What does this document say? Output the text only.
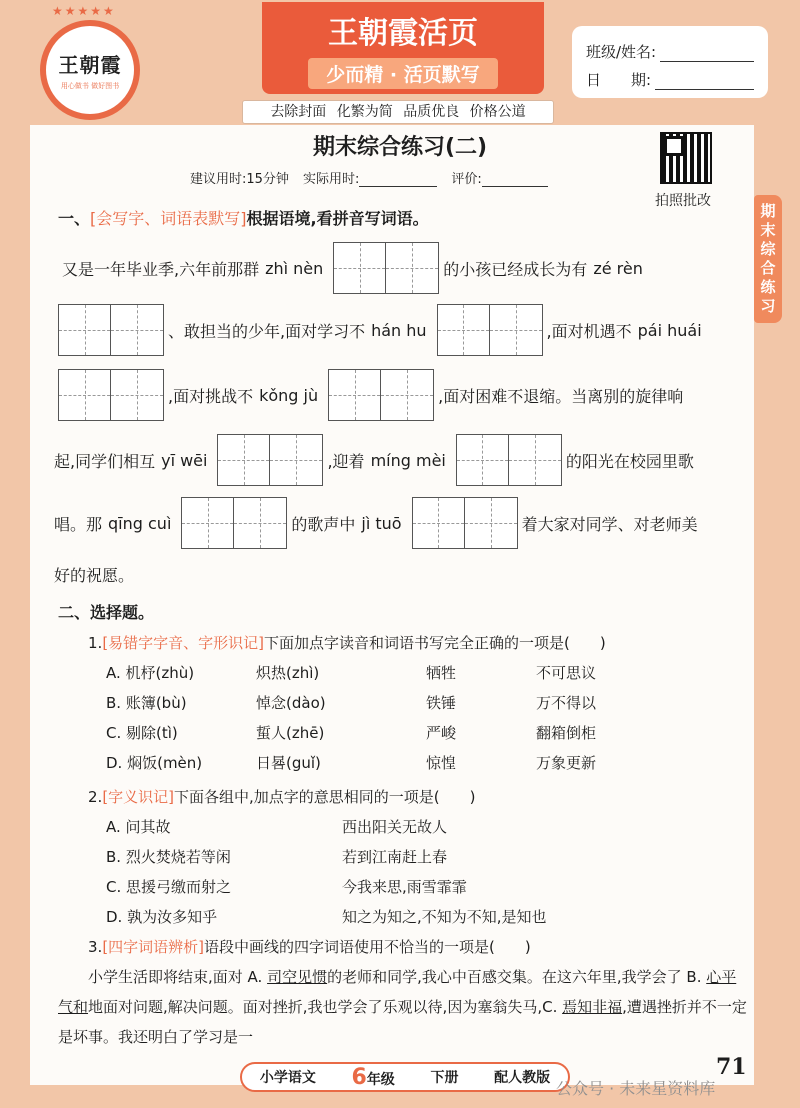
★★★★★
王朝霞
用心做书 做好图书
王朝霞活页
少而精 · 活页默写
班级/姓名:
日　　期:
去除封面 化繁为简 品质优良 价格公道
期
末
综
合
练
习
期末综合练习(二)
建议用时:15分钟 实际用时:	评价:
拍照批改
一、[会写字、词语表默写]根据语境,看拼音写词语。
又是一年毕业季,六年前那群 zhì nèn	的小孩已经成长为有 zé rèn
、敢担当的少年,面对学习不 hán hu	,面对机遇不 pái huái
,面对挑战不 kǒng jù	,面对困难不退缩。当离别的旋律响
起,同学们相互 yī wēi	,迎着 míng mèi	的阳光在校园里歌
唱。那 qīng cuì	的歌声中 jì tuō	着大家对同学、对老师美
好的祝愿。
二、选择题。
1.[易错字字音、字形识记]下面加点字读音和词语书写完全正确的一项是(　　)
A. 机杼(zhù)	炽热(zhì)	牺牲	不可思议
B. 账簿(bù)	悼念(dào)	铁锤	万不得以
C. 剔除(tì)	蜇人(zhē)	严峻	翻箱倒柜
D. 焖饭(mèn)	日晷(guǐ)	惊惶	万象更新
2.[字义识记]下面各组中,加点字的意思相同的一项是(　　)
A. 问其故	西出阳关无故人
B. 烈火焚烧若等闲	若到江南赶上春
C. 思援弓缴而射之	今我来思,雨雪霏霏
D. 孰为汝多知乎	知之为知之,不知为不知,是知也
3.[四字词语辨析]语段中画线的四字词语使用不恰当的一项是(　　)
小学生活即将结束,面对 A. 司空见惯的老师和同学,我心中百感交集。在这六年里,我学会了 B. 心平气和地面对问题,解决问题。面对挫折,我也学会了乐观以待,因为塞翁失马,C. 焉知非福,遭遇挫折并不一定是坏事。我还明白了学习是一
小学语文 6年级	下册	配人教版	71
公众号 · 未来星资料库
